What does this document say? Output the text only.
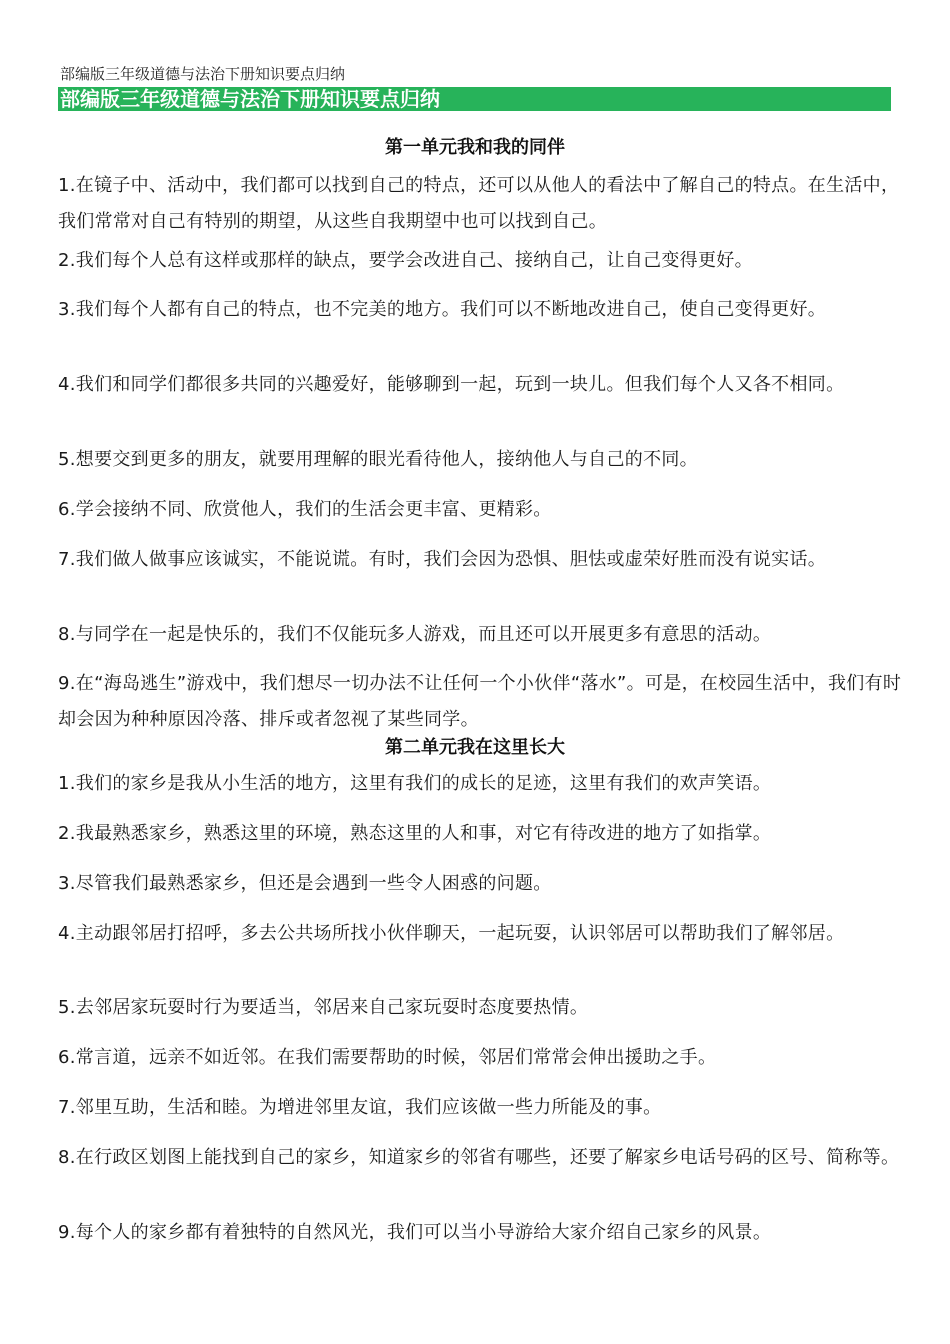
部编版三年级道德与法治下册知识要点归纳
部编版三年级道德与法治下册知识要点归纳
第一单元我和我的同伴
1.在镜子中、活动中，我们都可以找到自己的特点，还可以从他人的看法中了解自己的特点。在生活中，我们常常对自己有特别的期望，从这些自我期望中也可以找到自己。
2.我们每个人总有这样或那样的缺点，要学会改进自己、接纳自己，让自己变得更好。
3.我们每个人都有自己的特点，也不完美的地方。我们可以不断地改进自己，使自己变得更好。
4.我们和同学们都很多共同的兴趣爱好，能够聊到一起，玩到一块儿。但我们每个人又各不相同。
5.想要交到更多的朋友，就要用理解的眼光看待他人，接纳他人与自己的不同。
6.学会接纳不同、欣赏他人，我们的生活会更丰富、更精彩。
7.我们做人做事应该诚实，不能说谎。有时，我们会因为恐惧、胆怯或虚荣好胜而没有说实话。
8.与同学在一起是快乐的，我们不仅能玩多人游戏，而且还可以开展更多有意思的活动。
9.在“海岛逃生”游戏中，我们想尽一切办法不让任何一个小伙伴“落水”。可是，在校园生活中，我们有时却会因为种种原因冷落、排斥或者忽视了某些同学。
第二单元我在这里长大
1.我们的家乡是我从小生活的地方，这里有我们的成长的足迹，这里有我们的欢声笑语。
2.我最熟悉家乡，熟悉这里的环境，熟态这里的人和事，对它有待改进的地方了如指掌。
3.尽管我们最熟悉家乡，但还是会遇到一些令人困惑的问题。
4.主动跟邻居打招呼，多去公共场所找小伙伴聊天，一起玩耍，认识邻居可以帮助我们了解邻居。
5.去邻居家玩耍时行为要适当，邻居来自己家玩耍时态度要热情。
6.常言道，远亲不如近邻。在我们需要帮助的时候，邻居们常常会伸出援助之手。
7.邻里互助，生活和睦。为增进邻里友谊，我们应该做一些力所能及的事。
8.在行政区划图上能找到自己的家乡，知道家乡的邻省有哪些，还要了解家乡电话号码的区号、简称等。
9.每个人的家乡都有着独特的自然风光，我们可以当小导游给大家介绍自己家乡的风景。
